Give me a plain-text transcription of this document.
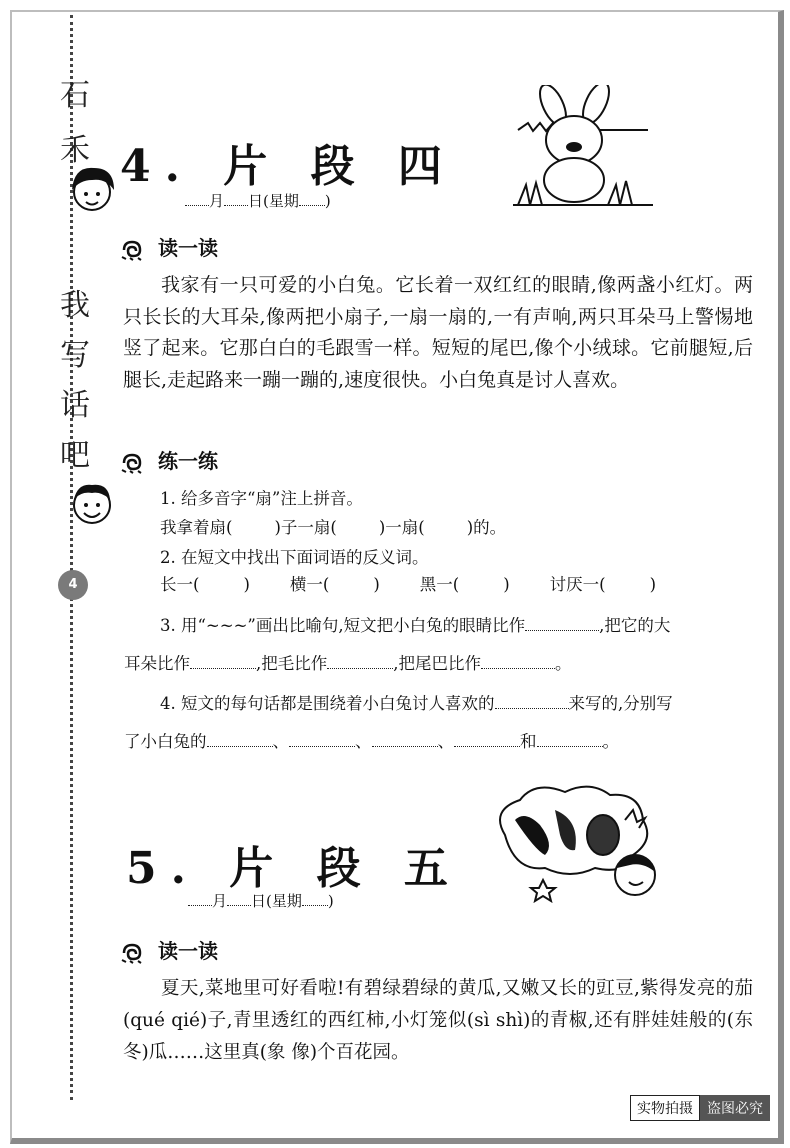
石
禾
我
写
话
吧
4
4. 片 段 四
月 日(星期 )
读一读
我家有一只可爱的小白兔。它长着一双红红的眼睛,像两盏小红灯。两只长长的大耳朵,像两把小扇子,一扇一扇的,一有声响,两只耳朵马上警惕地竖了起来。它那白白的毛跟雪一样。短短的尾巴,像个小绒球。它前腿短,后腿长,走起路来一蹦一蹦的,速度很快。小白兔真是讨人喜欢。
练一练
1. 给多音字“扇”注上拼音。
我拿着扇(	)子一扇(	)一扇(	)的。
2. 在短文中找出下面词语的反义词。
长一(	) 横一(	) 黑一(	) 讨厌一(	)
3. 用“~~~”画出比喻句,短文把小白兔的眼睛比作	,把它的大
耳朵比作	,把毛比作	,把尾巴比作	。
4. 短文的每句话都是围绕着小白兔讨人喜欢的	来写的,分别写
了小白兔的	、	、	、	和	。
5. 片 段 五
月 日(星期 )
读一读
夏天,菜地里可好看啦!有碧绿碧绿的黄瓜,又嫩又长的豇豆,紫得发亮的茄(qué qié)子,青里透红的西红柿,小灯笼似(sì shì)的青椒,还有胖娃娃般的(东 冬)瓜……这里真(象 像)个百花园。
实物拍摄	盗图必究
